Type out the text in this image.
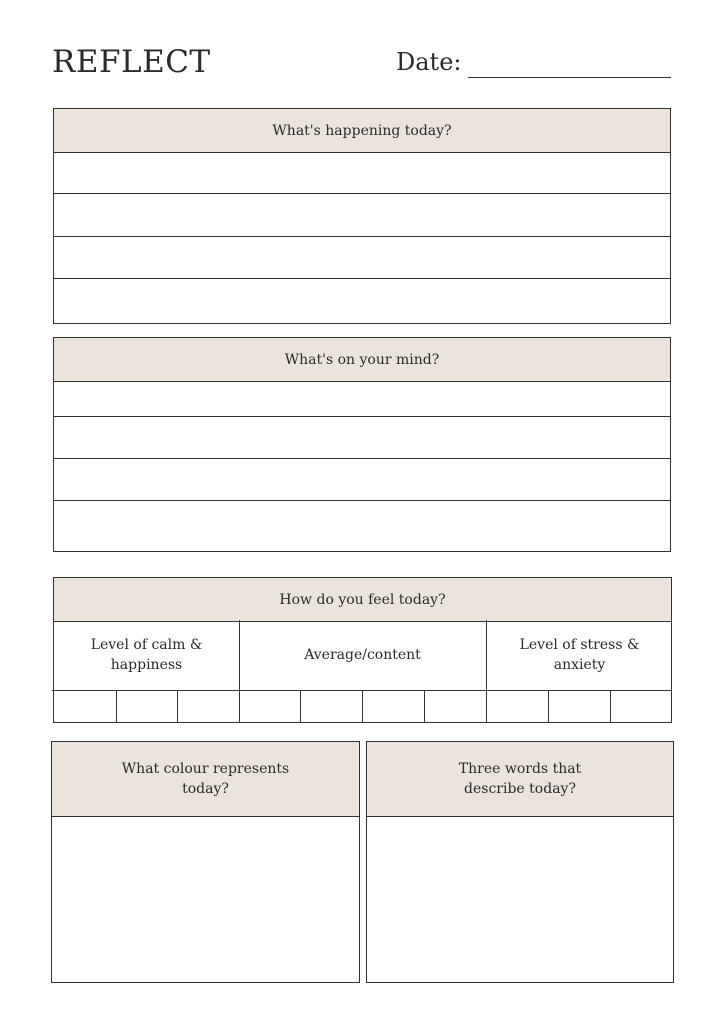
REFLECT	Date:
What's happening today?
What's on your mind?
How do you feel today?
Level of calm & happiness
Average/content
Level of stress & anxiety
What colour represents today?
Three words that describe today?
